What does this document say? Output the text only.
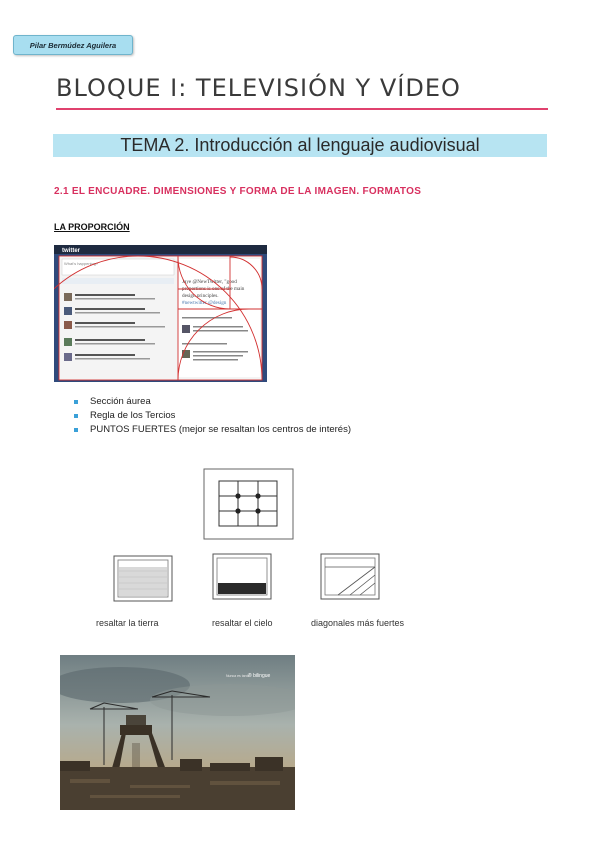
Pilar Bermúdez Aguilera
BLOQUE I: TELEVISIÓN Y VÍDEO
TEMA 2. Introducción al lenguaje audiovisual
2.1 EL ENCUADRE. DIMENSIONES Y FORMA DE LA IMAGEN. FORMATOS
LA PROPORCIÓN
twitter
What's happening?
Jaye @NewTwitter, "good
proportions is one of the main
design principles.
#newtwitter @design
Sección áurea
Regla de los Tercios
PUNTOS FUERTES (mejor se resaltan los centros de interés)
resaltar la tierra	resaltar el cielo	diagonales más fuertes
® bilingue
Nunca es tarde
